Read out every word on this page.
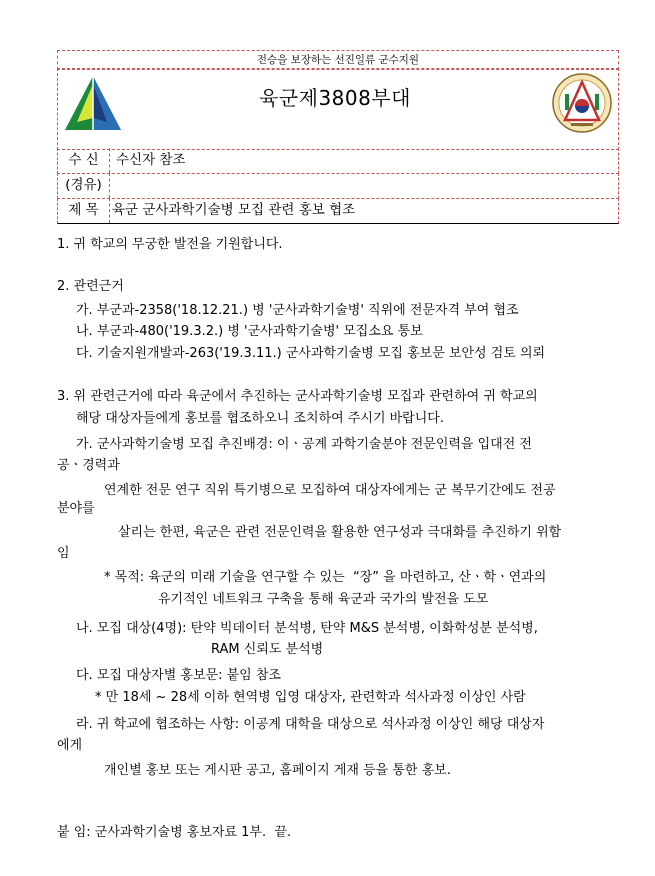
전승을 보장하는 선진일류 군수지원
육군제3808부대
수 신	수신자 참조
(경유)
제 목 육군 군사과학기술병 모집 관련 홍보 협조
1. 귀 학교의 무궁한 발전을 기원합니다.
2. 관련근거
가. 부군과-2358('18.12.21.) 병 '군사과학기술병' 직위에 전문자격 부여 협조
나. 부군과-480('19.3.2.) 병 '군사과학기술병' 모집소요 통보
다. 기술지원개발과-263('19.3.11.) 군사과학기술병 모집 홍보문 보안성 검토 의뢰
3. 위 관련근거에 따라 육군에서 추진하는 군사과학기술병 모집과 관련하여 귀 학교의
해당 대상자들에게 홍보를 협조하오니 조치하여 주시기 바랍니다.
가. 군사과학기술병 모집 추진배경: 이ㆍ공계 과학기술분야 전문인력을 입대전 전
공ㆍ경력과
연계한 전문 연구 직위 특기병으로 모집하여 대상자에게는 군 복무기간에도 전공
분야를
살리는 한편, 육군은 관련 전문인력을 활용한 연구성과 극대화를 추진하기 위함
임
* 목적: 육군의 미래 기술을 연구할 수 있는  “장” 을 마련하고, 산ㆍ학ㆍ연과의
유기적인 네트워크 구축을 통해 육군과 국가의 발전을 도모
나. 모집 대상(4명): 탄약 빅데이터 분석병, 탄약 M&S 분석병, 이화학성분 분석병,
RAM 신뢰도 분석병
다. 모집 대상자별 홍보문: 붙임 참조
* 만 18세 ~ 28세 이하 현역병 입영 대상자, 관련학과 석사과정 이상인 사람
라. 귀 학교에 협조하는 사항: 이공계 대학을 대상으로 석사과정 이상인 해당 대상자
에게
개인별 홍보 또는 게시판 공고, 홈페이지 게재 등을 통한 홍보.
붙 임: 군사과학기술병 홍보자료 1부.  끝.
